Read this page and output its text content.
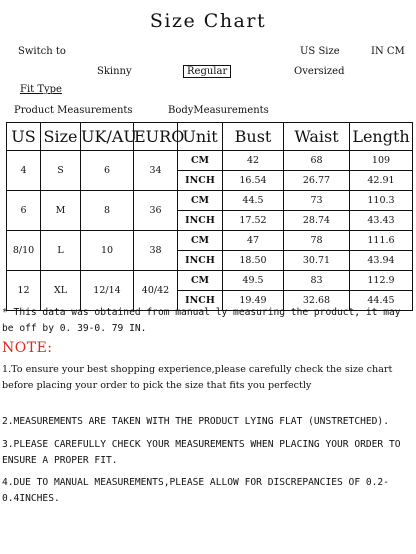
Size Chart
Switch to	US Size	IN CM
Skinny	Regular	Oversized
Fit Type
Product Measurements	BodyMeasurements
US	Size	UK/AU	EURO	Unit	Bust	Waist	Length
4	S	6	34	CM	42	68	109
				INCH	16.54	26.77	42.91
6	M	8	36	CM	44.5	73	110.3
				INCH	17.52	28.74	43.43
8/10	L	10	38	CM	47	78	111.6
				INCH	18.50	30.71	43.94
12	XL	12/14	40/42	CM	49.5	83	112.9
				INCH	19.49	32.68	44.45
* This data was obtained from manual ly measuring the product, it may be off by 0. 39-0. 79 IN.
NOTE:
1.To ensure your best shopping experience,please carefully check the size chart before placing your order to pick the size that fits you perfectly
2.MEASUREMENTS ARE TAKEN WITH THE PRODUCT LYING FLAT (UNSTRETCHED).
3.PLEASE CAREFULLY CHECK YOUR MEASUREMENTS WHEN PLACING YOUR ORDER TO ENSURE A PROPER FIT.
4.DUE TO MANUAL MEASUREMENTS,PLEASE ALLOW FOR DISCREPANCIES OF 0.2-0.4INCHES.
